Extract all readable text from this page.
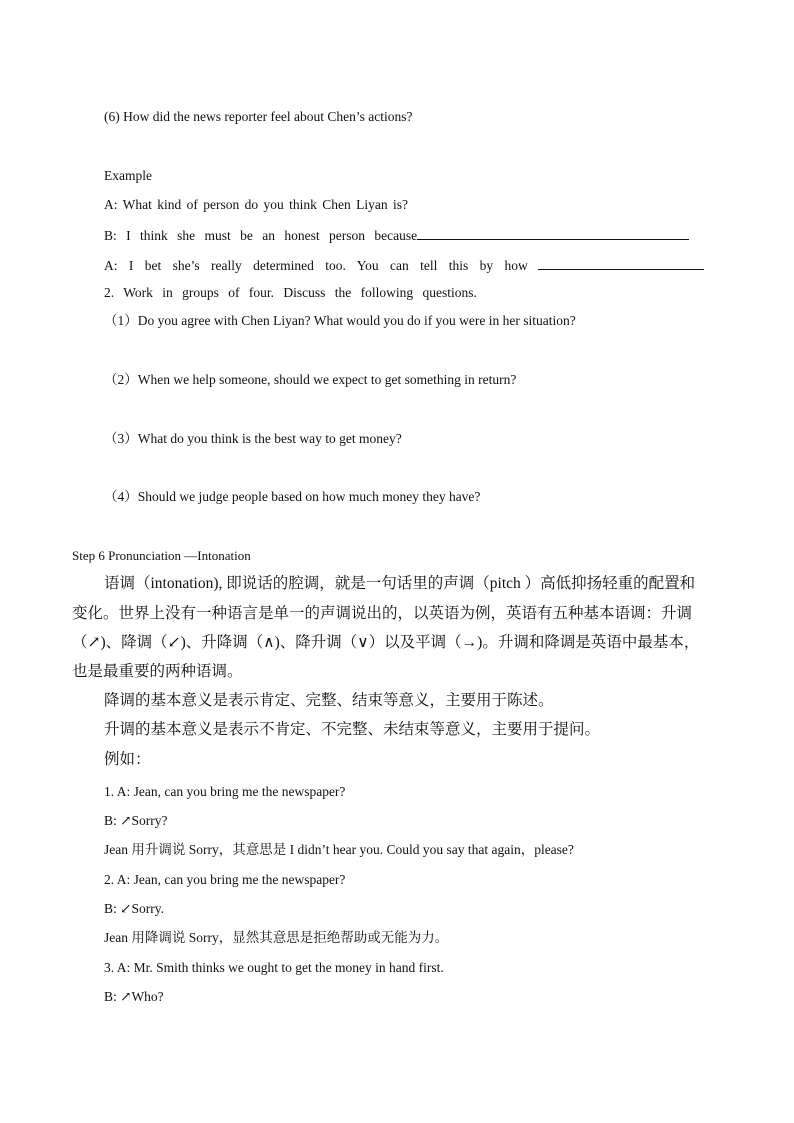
(6) How did the news reporter feel about Chen’s actions?
Example
A: What kind of person do you think Chen Liyan is?
B: I think she must be an honest person because
A: I bet she’s really determined too. You can tell this by how
2. Work in groups of four. Discuss the following questions.
（1）Do you agree with Chen Liyan? What would you do if you were in her situation?
（2）When we help someone, should we expect to get something in return?
（3）What do you think is the best way to get money?
（4）Should we judge people based on how much money they have?
Step 6 Pronunciation —Intonation
语调（intonation), 即说话的腔调，就是一句话里的声调（pitch ）高低抑扬轻重的配置和
变化。世界上没有一种语言是单一的声调说出的，以英语为例，英语有五种基本语调：升调
（↗)、降调（↙)、升降调（∧)、降升调（∨）以及平调（→)。升调和降调是英语中最基本，
也是最重要的两种语调。
降调的基本意义是表示肯定、完整、结束等意义，主要用于陈述。
升调的基本意义是表示不肯定、不完整、未结束等意义，主要用于提问。
例如：
1. A: Jean, can you bring me the newspaper?
B: ↗Sorry?
Jean 用升调说 Sorry，其意思是 I didn’t hear you. Could you say that again，please?
2. A: Jean, can you bring me the newspaper?
B: ↙Sorry.
Jean 用降调说 Sorry，显然其意思是拒绝帮助或无能为力。
3. A: Mr. Smith thinks we ought to get the money in hand first.
B: ↗Who?
